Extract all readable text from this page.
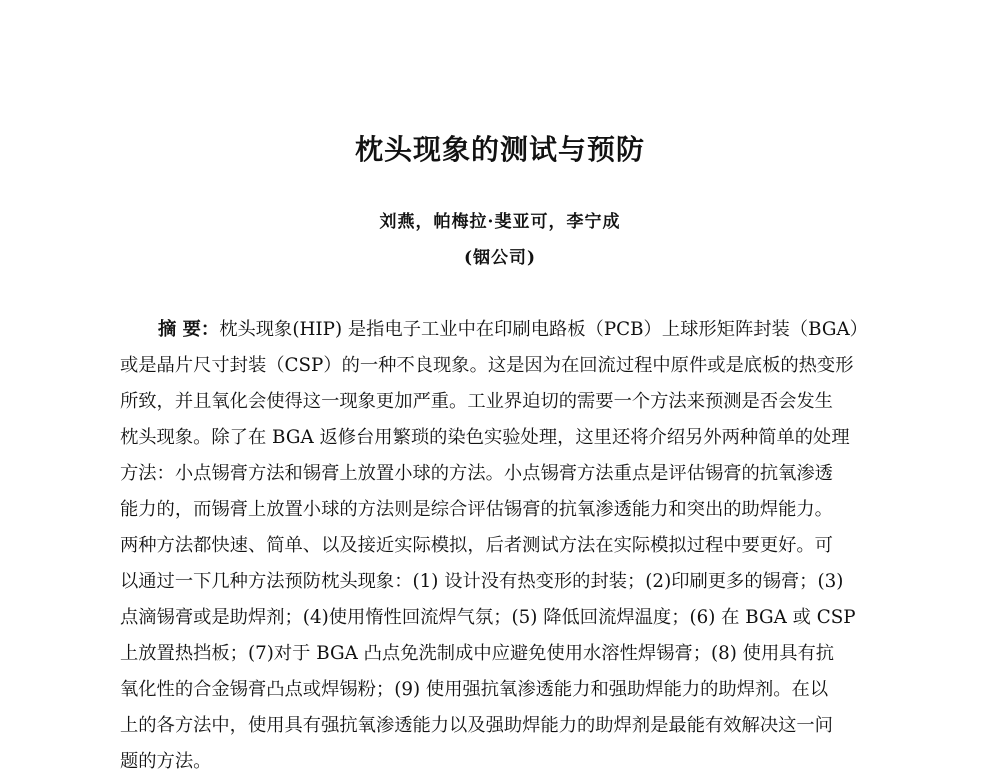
枕头现象的测试与预防

刘燕，帕梅拉·斐亚可，李宁成

(铟公司)

摘 要：枕头现象(HIP) 是指电子工业中在印刷电路板（PCB）上球形矩阵封装（BGA）
或是晶片尺寸封装（CSP）的一种不良现象。这是因为在回流过程中原件或是底板的热变形
所致，并且氧化会使得这一现象更加严重。工业界迫切的需要一个方法来预测是否会发生
枕头现象。除了在 BGA 返修台用繁琐的染色实验处理，这里还将介绍另外两种简单的处理
方法：小点锡膏方法和锡膏上放置小球的方法。小点锡膏方法重点是评估锡膏的抗氧渗透
能力的，而锡膏上放置小球的方法则是综合评估锡膏的抗氧渗透能力和突出的助焊能力。
两种方法都快速、简单、以及接近实际模拟，后者测试方法在实际模拟过程中要更好。可
以通过一下几种方法预防枕头现象：(1) 设计没有热变形的封装；(2)印刷更多的锡膏；(3)
点滴锡膏或是助焊剂；(4)使用惰性回流焊气氛；(5) 降低回流焊温度；(6) 在 BGA 或 CSP
上放置热挡板；(7)对于 BGA 凸点免洗制成中应避免使用水溶性焊锡膏；(8) 使用具有抗
氧化性的合金锡膏凸点或焊锡粉；(9) 使用强抗氧渗透能力和强助焊能力的助焊剂。在以
上的各方法中，使用具有强抗氧渗透能力以及强助焊能力的助焊剂是最能有效解决这一问
题的方法。
